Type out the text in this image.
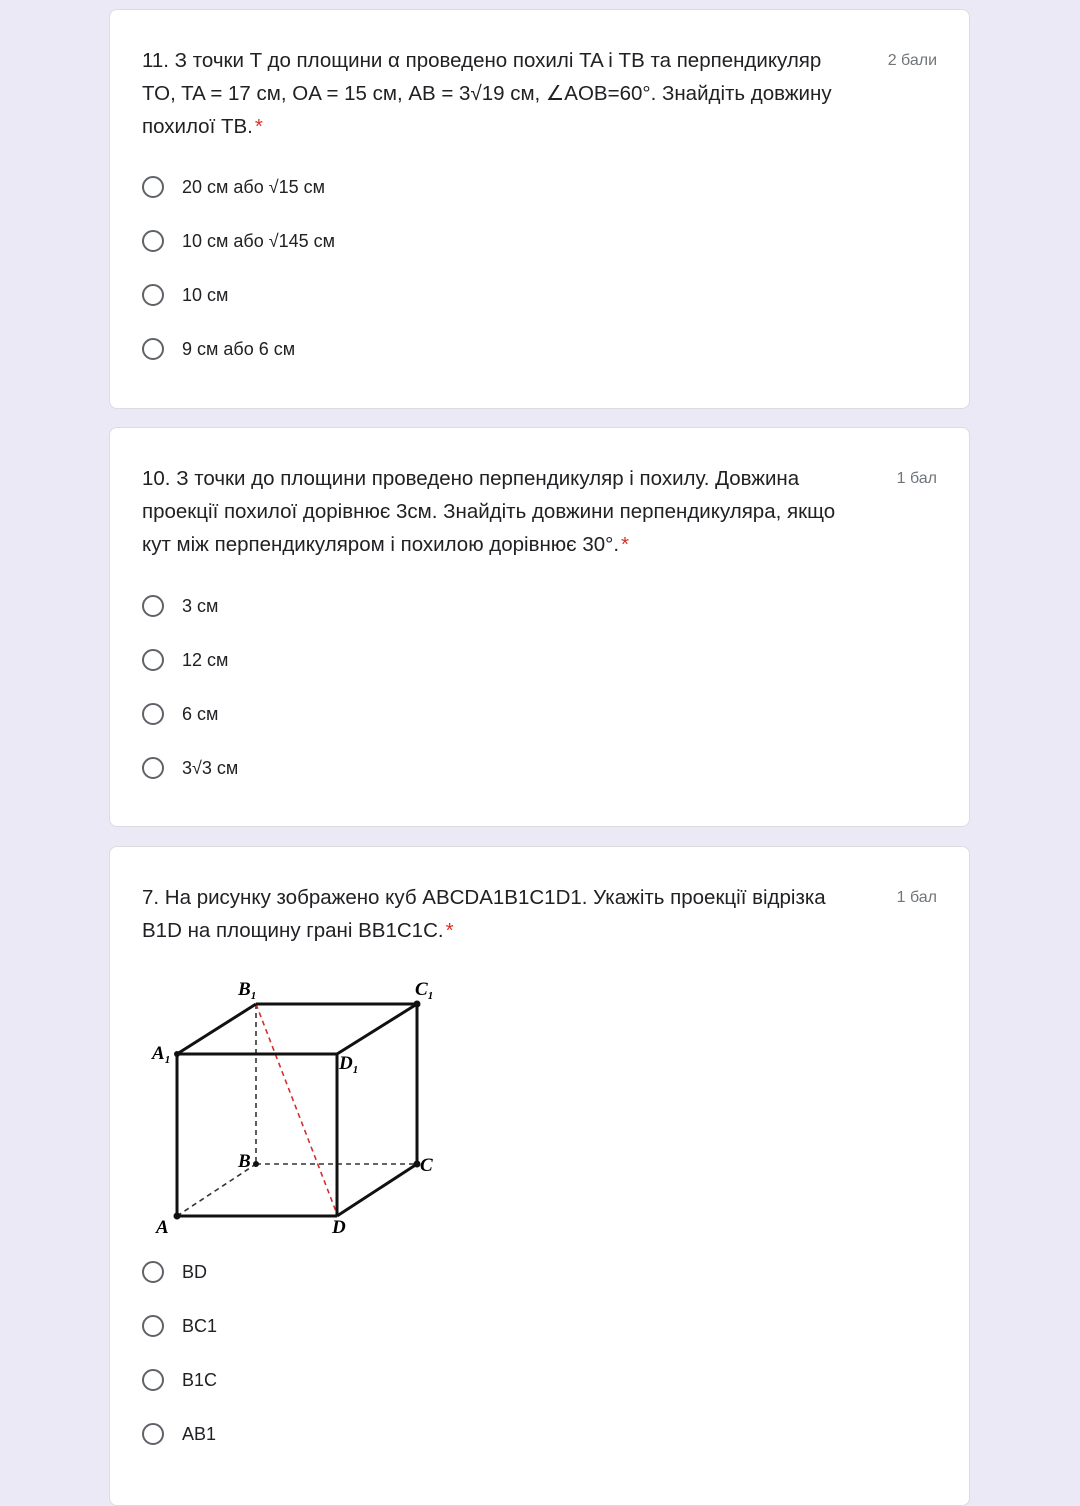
11. З точки T до площини α проведено похилі TA і TB та перпендикуляр TO, TA = 17 см, OA = 15 см, AB = 3√19 см, ∠AOB=60°. Знайдіть довжину похилої TB.*
2 бали
20 см або √15 см
10 см або √145 см
10 см
9 см або 6 см
10. З точки до площини проведено перпендикуляр і похилу. Довжина проекції похилої дорівнює 3см. Знайдіть довжини перпендикуляра, якщо кут між перпендикуляром і похилою дорівнює 30°.*
1 бал
3 см
12 см
6 см
3√3 см
7. На рисунку зображено куб ABCDA1B1C1D1. Укажіть проекції відрізка B1D на площину грані BB1C1C.*
1 бал
$B_1$	$C_1$
$A_1$	$D_1$
B	C
A	D
BD
BC1
B1C
AB1
